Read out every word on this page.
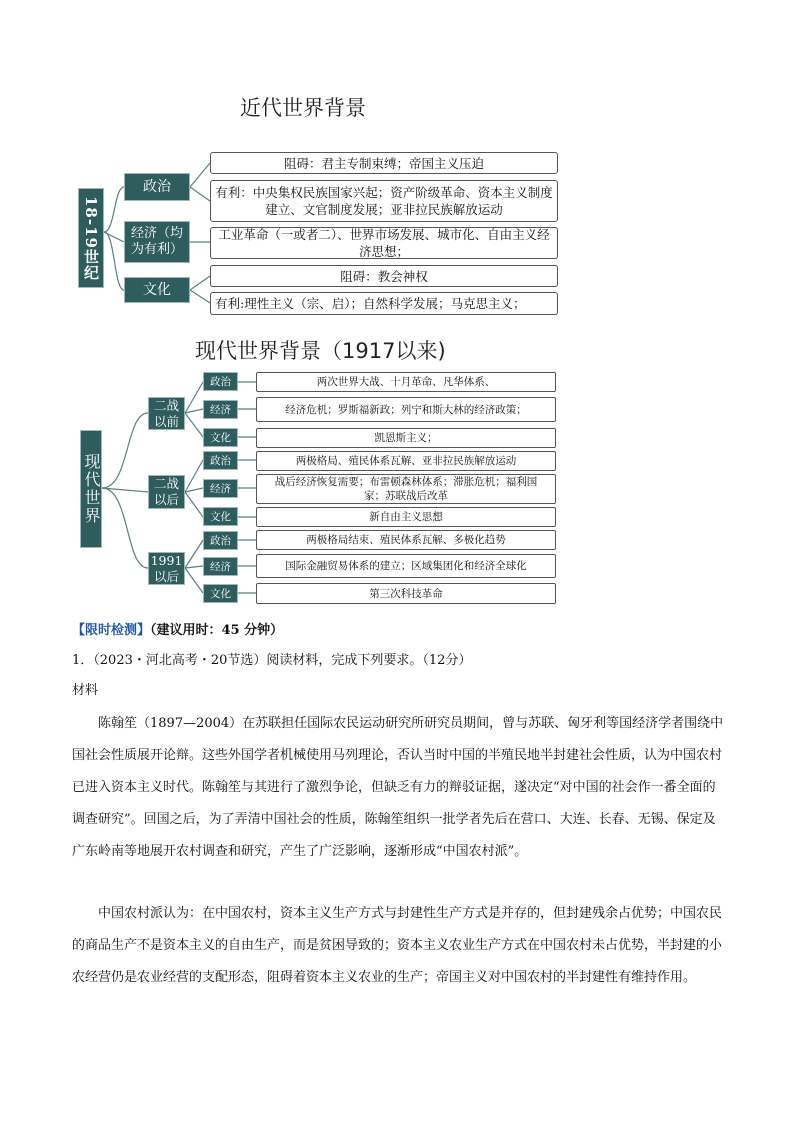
近代世界背景
18-19世纪
政治
经济（均为有利）
文化
阻碍：君主专制束缚；帝国主义压迫
有利：中央集权民族国家兴起；资产阶级革命、资本主义制度建立、文官制度发展；亚非拉民族解放运动
工业革命（一或者二）、世界市场发展、城市化、自由主义经济思想；
阻碍：教会神权
有利:理性主义（宗、启）；自然科学发展；马克思主义；
现代世界背景（1917以来)
现代世界
二战以前
二战以后
1991以后
政治
经济
文化
两次世界大战、十月革命、凡华体系、
经济危机；罗斯福新政；列宁和斯大林的经济政策；
凯恩斯主义；
政治
经济
文化
两极格局、殖民体系瓦解、亚非拉民族解放运动
战后经济恢复需要；布雷顿森林体系；滞胀危机；福利国家；苏联战后改革
新自由主义思想
政治
经济
文化
两极格局结束、殖民体系瓦解、多极化趋势
国际金融贸易体系的建立；区域集团化和经济全球化
第三次科技革命
【限时检测】（建议用时：45 分钟）
1．（2023・河北高考・20节选）阅读材料，完成下列要求。（12分）
材料
陈翰笙（1897—2004）在苏联担任国际农民运动研究所研究员期间，曾与苏联、匈牙利等国经济学者围绕中国社会性质展开论辩。这些外国学者机械使用马列理论，否认当时中国的半殖民地半封建社会性质，认为中国农村已进入资本主义时代。陈翰笙与其进行了激烈争论，但缺乏有力的辩驳证据，遂决定“对中国的社会作一番全面的调查研究”。回国之后，为了弄清中国社会的性质，陈翰笙组织一批学者先后在营口、大连、长春、无锡、保定及广东岭南等地展开农村调查和研究，产生了广泛影响，逐渐形成“中国农村派”。
中国农村派认为：在中国农村，资本主义生产方式与封建性生产方式是并存的，但封建残余占优势；中国农民的商品生产不是资本主义的自由生产，而是贫困导致的；资本主义农业生产方式在中国农村未占优势，半封建的小农经营仍是农业经营的支配形态，阻碍着资本主义农业的生产；帝国主义对中国农村的半封建性有维持作用。
